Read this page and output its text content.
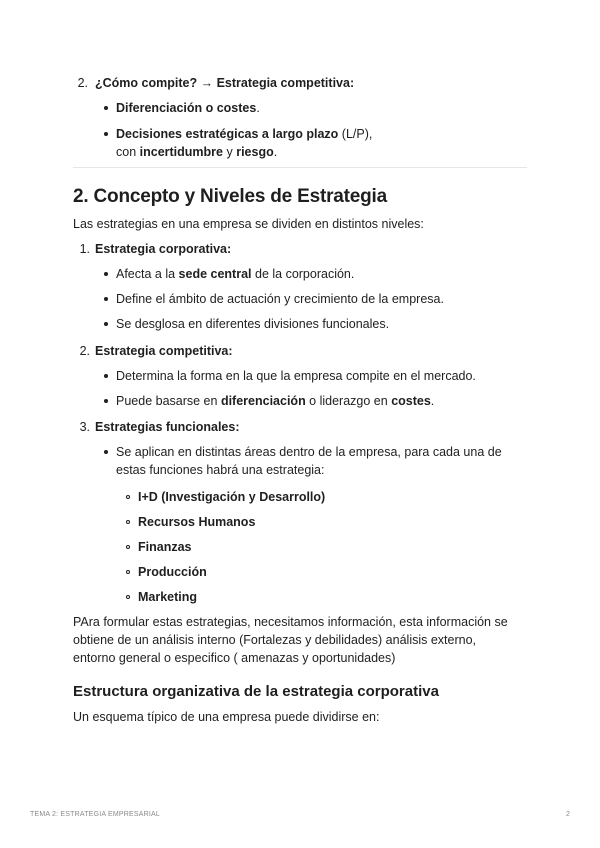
2. ¿Cómo compite? → Estrategia competitiva:
Diferenciación o costes.
Decisiones estratégicas a largo plazo (L/P),
con incertidumbre y riesgo.
2. Concepto y Niveles de Estrategia
Las estrategias en una empresa se dividen en distintos niveles:
1. Estrategia corporativa:
Afecta a la sede central de la corporación.
Define el ámbito de actuación y crecimiento de la empresa.
Se desglosa en diferentes divisiones funcionales.
2. Estrategia competitiva:
Determina la forma en la que la empresa compite en el mercado.
Puede basarse en diferenciación o liderazgo en costes.
3. Estrategias funcionales:
Se aplican en distintas áreas dentro de la empresa, para cada una de
estas funciones habrá una estrategia:
I+D (Investigación y Desarrollo)
Recursos Humanos
Finanzas
Producción
Marketing
PAra formular estas estrategias, necesitamos información, esta información se
obtiene de un análisis interno (Fortalezas y debilidades) análisis externo,
entorno general o especifico ( amenazas y oportunidades)
Estructura organizativa de la estrategia corporativa
Un esquema típico de una empresa puede dividirse en:
TEMA 2: ESTRATEGIA EMPRESARIAL	2
